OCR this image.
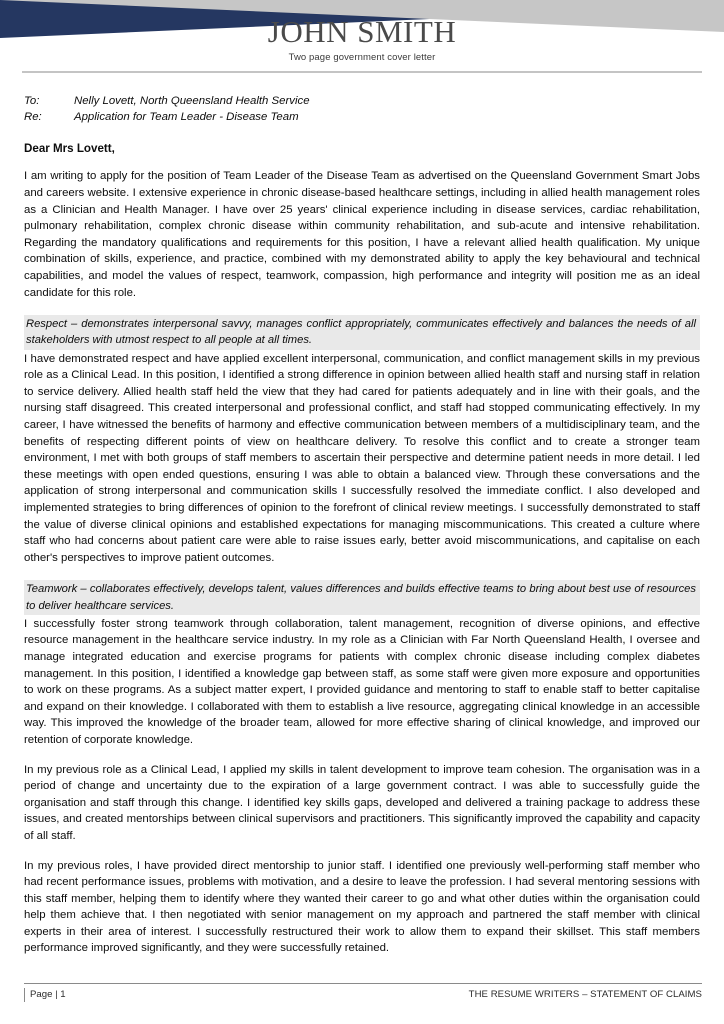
JOHN SMITH
Two page government cover letter
To:	Nelly Lovett, North Queensland Health Service
Re:	Application for Team Leader - Disease Team
Dear Mrs Lovett,

I am writing to apply for the position of Team Leader of the Disease Team as advertised on the Queensland Government Smart Jobs and careers website. I extensive experience in chronic disease-based healthcare settings, including in allied health management roles as a Clinician and Health Manager. I have over 25 years' clinical experience including in disease services, cardiac rehabilitation, pulmonary rehabilitation, complex chronic disease within community rehabilitation, and sub-acute and intensive rehabilitation. Regarding the mandatory qualifications and requirements for this position, I have a relevant allied health qualification. My unique combination of skills, experience, and practice, combined with my demonstrated ability to apply the key behavioural and technical capabilities, and model the values of respect, teamwork, compassion, high performance and integrity will position me as an ideal candidate for this role.

Respect – demonstrates interpersonal savvy, manages conflict appropriately, communicates effectively and balances the needs of all stakeholders with utmost respect to all people at all times.

I have demonstrated respect and have applied excellent interpersonal, communication, and conflict management skills in my previous role as a Clinical Lead. In this position, I identified a strong difference in opinion between allied health staff and nursing staff in relation to service delivery. Allied health staff held the view that they had cared for patients adequately and in line with their goals, and the nursing staff disagreed. This created interpersonal and professional conflict, and staff had stopped communicating effectively. In my career, I have witnessed the benefits of harmony and effective communication between members of a multidisciplinary team, and the benefits of respecting different points of view on healthcare delivery. To resolve this conflict and to create a stronger team environment, I met with both groups of staff members to ascertain their perspective and determine patient needs in more detail. I led these meetings with open ended questions, ensuring I was able to obtain a balanced view. Through these conversations and the application of strong interpersonal and communication skills I successfully resolved the immediate conflict. I also developed and implemented strategies to bring differences of opinion to the forefront of clinical review meetings. I successfully demonstrated to staff the value of diverse clinical opinions and established expectations for managing miscommunications. This created a culture where staff who had concerns about patient care were able to raise issues early, better avoid miscommunications, and capitalise on each other's perspectives to improve patient outcomes.

Teamwork – collaborates effectively, develops talent, values differences and builds effective teams to bring about best use of resources to deliver healthcare services.

I successfully foster strong teamwork through collaboration, talent management, recognition of diverse opinions, and effective resource management in the healthcare service industry. In my role as a Clinician with Far North Queensland Health, I oversee and manage integrated education and exercise programs for patients with complex chronic disease including complex diabetes management. In this position, I identified a knowledge gap between staff, as some staff were given more exposure and opportunities to work on these programs. As a subject matter expert, I provided guidance and mentoring to staff to enable staff to better capitalise and expand on their knowledge. I collaborated with them to establish a live resource, aggregating clinical knowledge in an accessible way. This improved the knowledge of the broader team, allowed for more effective sharing of clinical knowledge, and improved our retention of corporate knowledge.

In my previous role as a Clinical Lead, I applied my skills in talent development to improve team cohesion. The organisation was in a period of change and uncertainty due to the expiration of a large government contract. I was able to successfully guide the organisation and staff through this change. I identified key skills gaps, developed and delivered a training package to address these issues, and created mentorships between clinical supervisors and practitioners. This significantly improved the capability and capacity of all staff.

In my previous roles, I have provided direct mentorship to junior staff. I identified one previously well-performing staff member who had recent performance issues, problems with motivation, and a desire to leave the profession. I had several mentoring sessions with this staff member, helping them to identify where they wanted their career to go and what other duties within the organisation could help them achieve that. I then negotiated with senior management on my approach and partnered the staff member with clinical experts in their area of interest. I successfully restructured their work to allow them to expand their skillset. This staff members performance improved significantly, and they were successfully retained.

Page | 1	THE RESUME WRITERS – STATEMENT OF CLAIMS
